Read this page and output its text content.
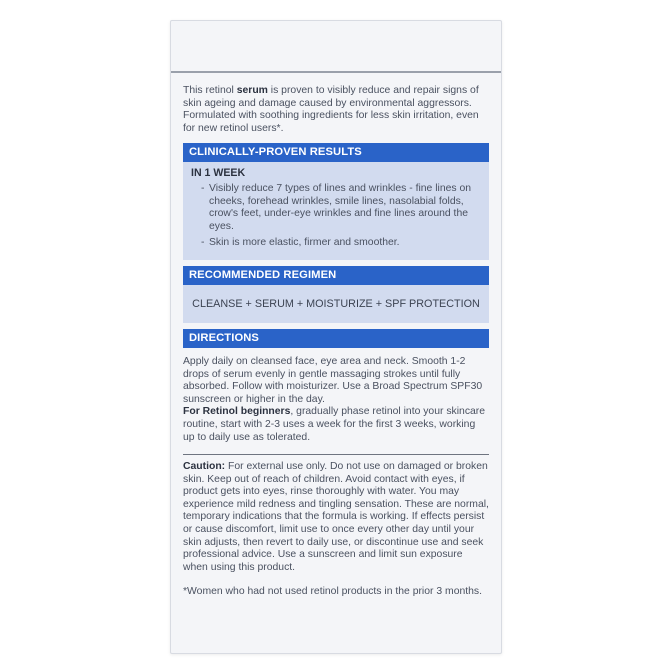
This retinol serum is proven to visibly reduce and repair signs of skin ageing and damage caused by environmental aggressors. Formulated with soothing ingredients for less skin irritation, even for new retinol users*.

CLINICALLY-PROVEN RESULTS
IN 1 WEEK
- Visibly reduce 7 types of lines and wrinkles - fine lines on cheeks, forehead wrinkles, smile lines, nasolabial folds, crow's feet, under-eye wrinkles and fine lines around the eyes.
- Skin is more elastic, firmer and smoother.
RECOMMENDED REGIMEN
CLEANSE + SERUM + MOISTURIZE + SPF PROTECTION
DIRECTIONS

Apply daily on cleansed face, eye area and neck. Smooth 1-2 drops of serum evenly in gentle massaging strokes until fully absorbed. Follow with moisturizer. Use a Broad Spectrum SPF30 sunscreen or higher in the day.

For Retinol beginners, gradually phase retinol into your skincare routine, start with 2-3 uses a week for the first 3 weeks, working up to daily use as tolerated.

Caution: For external use only. Do not use on damaged or broken skin. Keep out of reach of children. Avoid contact with eyes, if product gets into eyes, rinse thoroughly with water. You may experience mild redness and tingling sensation. These are normal, temporary indications that the formula is working. If effects persist or cause discomfort, limit use to once every other day until your skin adjusts, then revert to daily use, or discontinue use and seek professional advice. Use a sunscreen and limit sun exposure when using this product.

*Women who had not used retinol products in the prior 3 months.
